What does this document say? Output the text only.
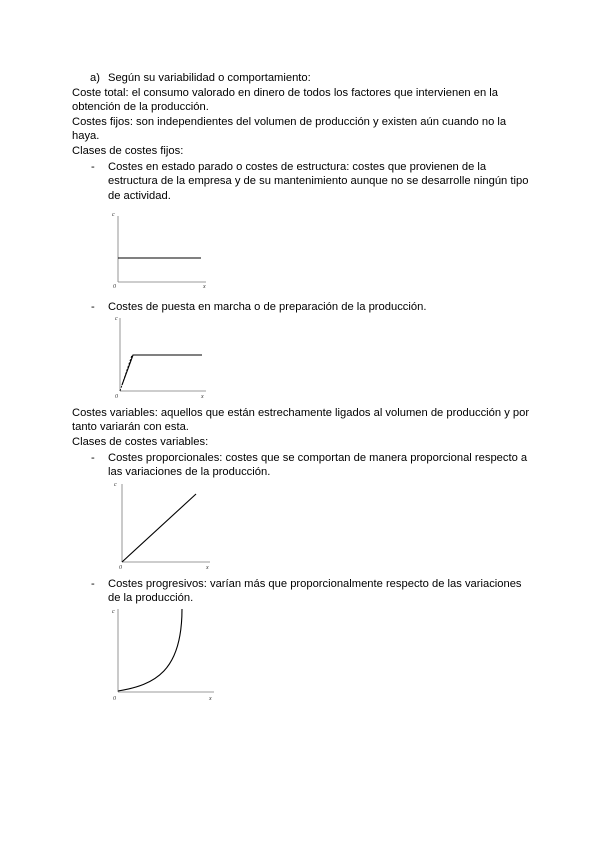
a) Según su variabilidad o comportamiento:
Coste total: el consumo valorado en dinero de todos los factores que intervienen en la
obtención de la producción.
Costes fijos: son independientes del volumen de producción y existen aún cuando no la
haya.
Clases de costes fijos:
- Costes en estado parado o costes de estructura: costes que provienen de la
estructura de la empresa y de su mantenimiento aunque no se desarrolle ningún tipo
de actividad.
c
0	x
- Costes de puesta en marcha o de preparación de la producción.
c
0	x
Costes variables: aquellos que están estrechamente ligados al volumen de producción y por
tanto variarán con esta.
Clases de costes variables:
- Costes proporcionales: costes que se comportan de manera proporcional respecto a
las variaciones de la producción.
c
0	x
- Costes progresivos: varían más que proporcionalmente respecto de las variaciones
de la producción.
c
0	x
